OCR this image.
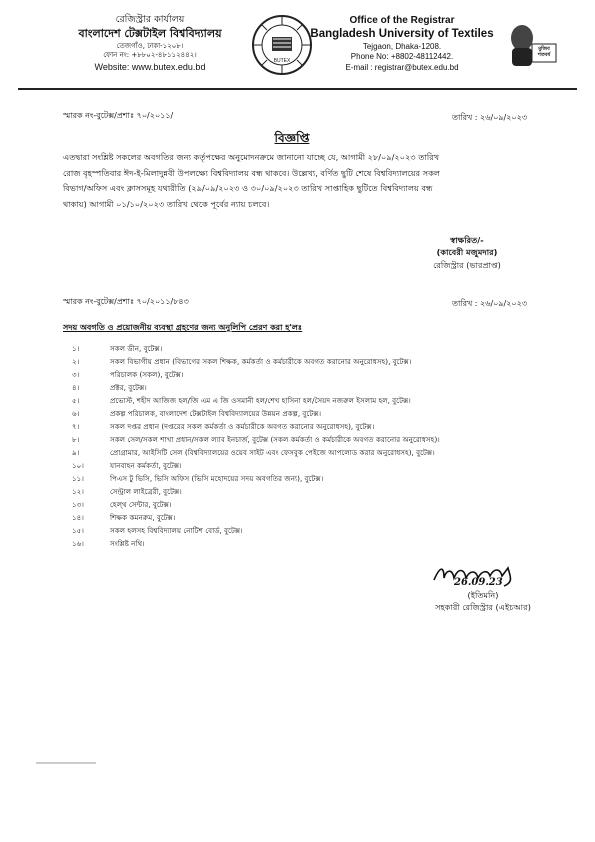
রেজিস্ট্রার কার্যালয়
বাংলাদেশ টেক্সটাইল বিশ্ববিদ্যালয়
তেজগাঁও, ঢাকা-১২০৮।
ফোন নং: +৮৮০২-৪৮১১২৪৪২।
Website: www.butex.edu.bd
BUTEX
Office of the Registrar
Bangladesh University of Textiles
Tejgaon, Dhaka-1208.
Phone No: +8802-48112442.
E-mail : registrar@butex.edu.bd
মুজিব শতবর্ষ
স্মারক নং-বুটেক্স/প্রশাঃ ৭০/২০১১/	তারিখ : ২৬/০৯/২০২৩
বিজ্ঞপ্তি
এতদ্বারা সংশ্লিষ্ট সকলের অবগতির জন্য কর্তৃপক্ষের অনুমোদনক্রমে জানানো যাচ্ছে যে, আগামী ২৮/০৯/২০২৩ তারিখ
রোজ বৃহস্পতিবার ঈদ-ই-মিলাদুন্নবী উপলক্ষ্যে বিশ্ববিদ্যালয় বন্ধ থাকবে। উল্লেখ্য, বর্ণিত ছুটি শেষে বিশ্ববিদ্যালয়ের সকল
বিভাগ/অফিস এবং ক্লাসসমূহ যথারীতি (২৯/০৯/২০২৩ ও ৩০/০৯/২০২৩ তারিখ সাপ্তাহিক ছুটিতে বিশ্ববিদ্যালয় বন্ধ
থাকায়) আগামী ০১/১০/২০২৩ তারিখ থেকে পূর্বের ন্যায় চলবে।
স্বাক্ষরিত/-
(কাবেরী মজুমদার)
রেজিস্ট্রার (ভারপ্রাপ্ত)
স্মারক নং-বুটেক্স/প্রশাঃ ৭০/২০১১/৮৪৩	তারিখ : ২৬/০৯/২০২৩
সদয় অবগতি ও প্রয়োজনীয় ব্যবস্থা গ্রহণের জন্য অনুলিপি প্রেরণ করা হ'লঃ
১।	সকল ডীন, বুটেক্স।
২।	সকল বিভাগীয় প্রধান (বিভাগের সকল শিক্ষক, কর্মকর্তা ও কর্মচারীকে অবগত করানোর অনুরোধসহ), বুটেক্স।
৩।	পরিচালক (সকল), বুটেক্স।
৪।	প্রক্টর, বুটেক্স।
৫।	প্রভোস্ট, শহীদ আজিজ হল/জি এম এ জি ওসমানী হল/শেখ হাসিনা হল/সৈয়দ নজরুল ইসলাম হল, বুটেক্স।
৬।	প্রকল্প পরিচালক, বাংলাদেশ টেক্সটাইল বিশ্ববিদ্যালয়ের উন্নয়ন প্রকল্প, বুটেক্স।
৭।	সকল দপ্তর প্রধান (দপ্তরের সকল কর্মকর্তা ও কর্মচারীকে অবগত করানোর অনুরোধসহ), বুটেক্স।
৮।	সকল সেল/সকল শাখা প্রধান/সকল ল্যাব ইনচার্জ, বুটেক্স (সকল কর্মকর্তা ও কর্মচারীকে অবগত করানোর অনুরোধসহ)।
৯।	প্রোগ্রামার, আইসিটি সেল (বিশ্ববিদ্যালয়ের ওয়েব সাইট এবং ফেসবুক পেইজে আপলোড করার অনুরোধসহ), বুটেক্স।
১০।	যানবাহন কর্মকর্তা, বুটেক্স।
১১।	পিএস টু ভিসি, ভিসি অফিস (ভিসি মহোদয়ের সদয় অবগতির জন্য), বুটেক্স।
১২।	সেন্ট্রাল লাইব্রেরী, বুটেক্স।
১৩।	হেল্থ সেন্টার, বুটেক্স।
১৪।	শিক্ষক কমনরুম, বুটেক্স।
১৫।	সকল হলসহ বিশ্ববিদ্যালয় নোটিশ বোর্ড, বুটেক্স।
১৬।	সংশ্লিষ্ট নথি।
26.09.23
(ইতিমনি)
সহকারী রেজিস্ট্রার (এইচআর)
